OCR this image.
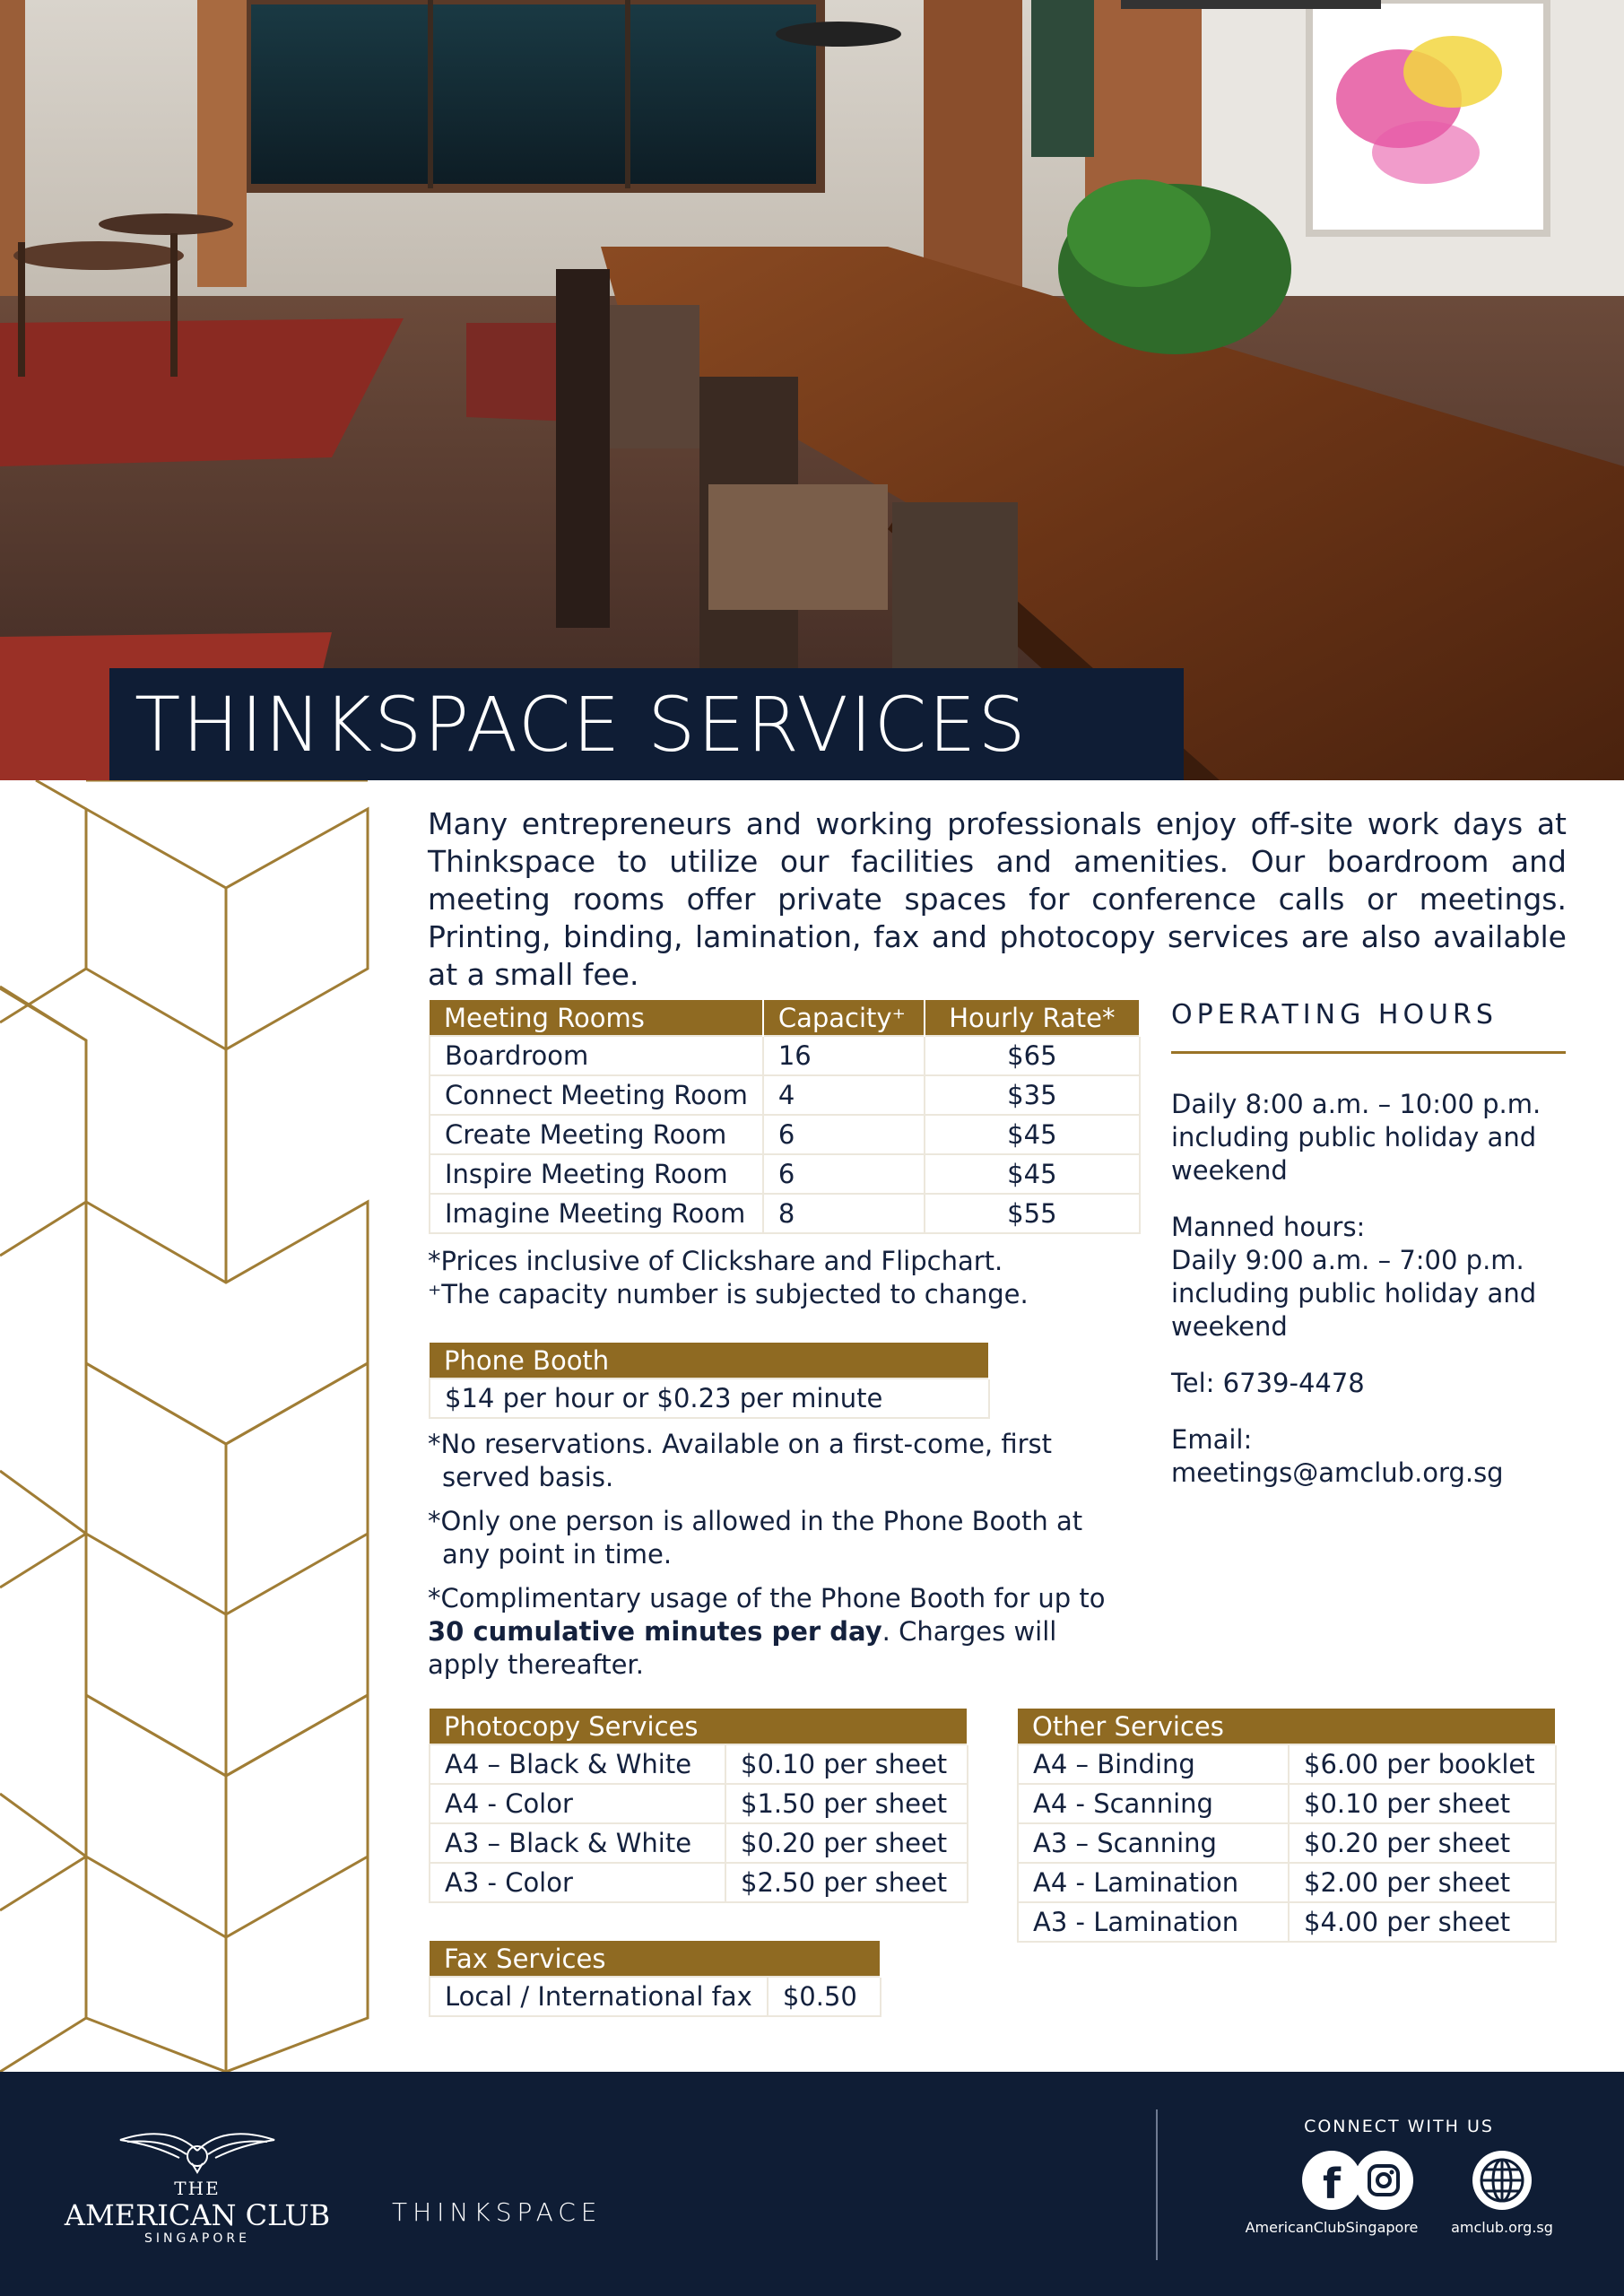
THINKSPACE SERVICES

Many entrepreneurs and working professionals enjoy off-site work days at Thinkspace to utilize our facilities and amenities. Our boardroom and meeting rooms offer private spaces for conference calls or meetings. Printing, binding, lamination, fax and photocopy services are also available at a small fee.

Meeting Rooms	Capacity⁺	Hourly Rate*
Boardroom	16	$65
Connect Meeting Room	4	$35
Create Meeting Room	6	$45
Inspire Meeting Room	6	$45
Imagine Meeting Room	8	$55

*Prices inclusive of Clickshare and Flipchart.

⁺The capacity number is subjected to change.

Phone Booth
$14 per hour or $0.23 per minute

*No reservations. Available on a first-come, first served basis.

*Only one person is allowed in the Phone Booth at any point in time.

*Complimentary usage of the Phone Booth for up to
30 cumulative minutes per day. Charges will apply thereafter.

OPERATING HOURS

Daily 8:00 a.m. – 10:00 p.m. including public holiday and weekend

Manned hours:
Daily 9:00 a.m. – 7:00 p.m. including public holiday and weekend

Tel: 6739-4478

Email: meetings@amclub.org.sg

Photocopy Services	
A4 – Black & White	$0.10 per sheet
A4 - Color	$1.50 per sheet
A3 – Black & White	$0.20 per sheet
A3 - Color	$2.50 per sheet
Other Services	
A4 – Binding	$6.00 per booklet
A4 - Scanning	$0.10 per sheet
A3 – Scanning	$0.20 per sheet
A4 - Lamination	$2.00 per sheet
A3 - Lamination	$4.00 per sheet
Fax Services
Local / International fax	$0.50
THE
AMERICAN CLUB
SINGAPORE
THINKSPACE
CONNECT WITH US
f
AmericanClubSingapore	amclub.org.sg
